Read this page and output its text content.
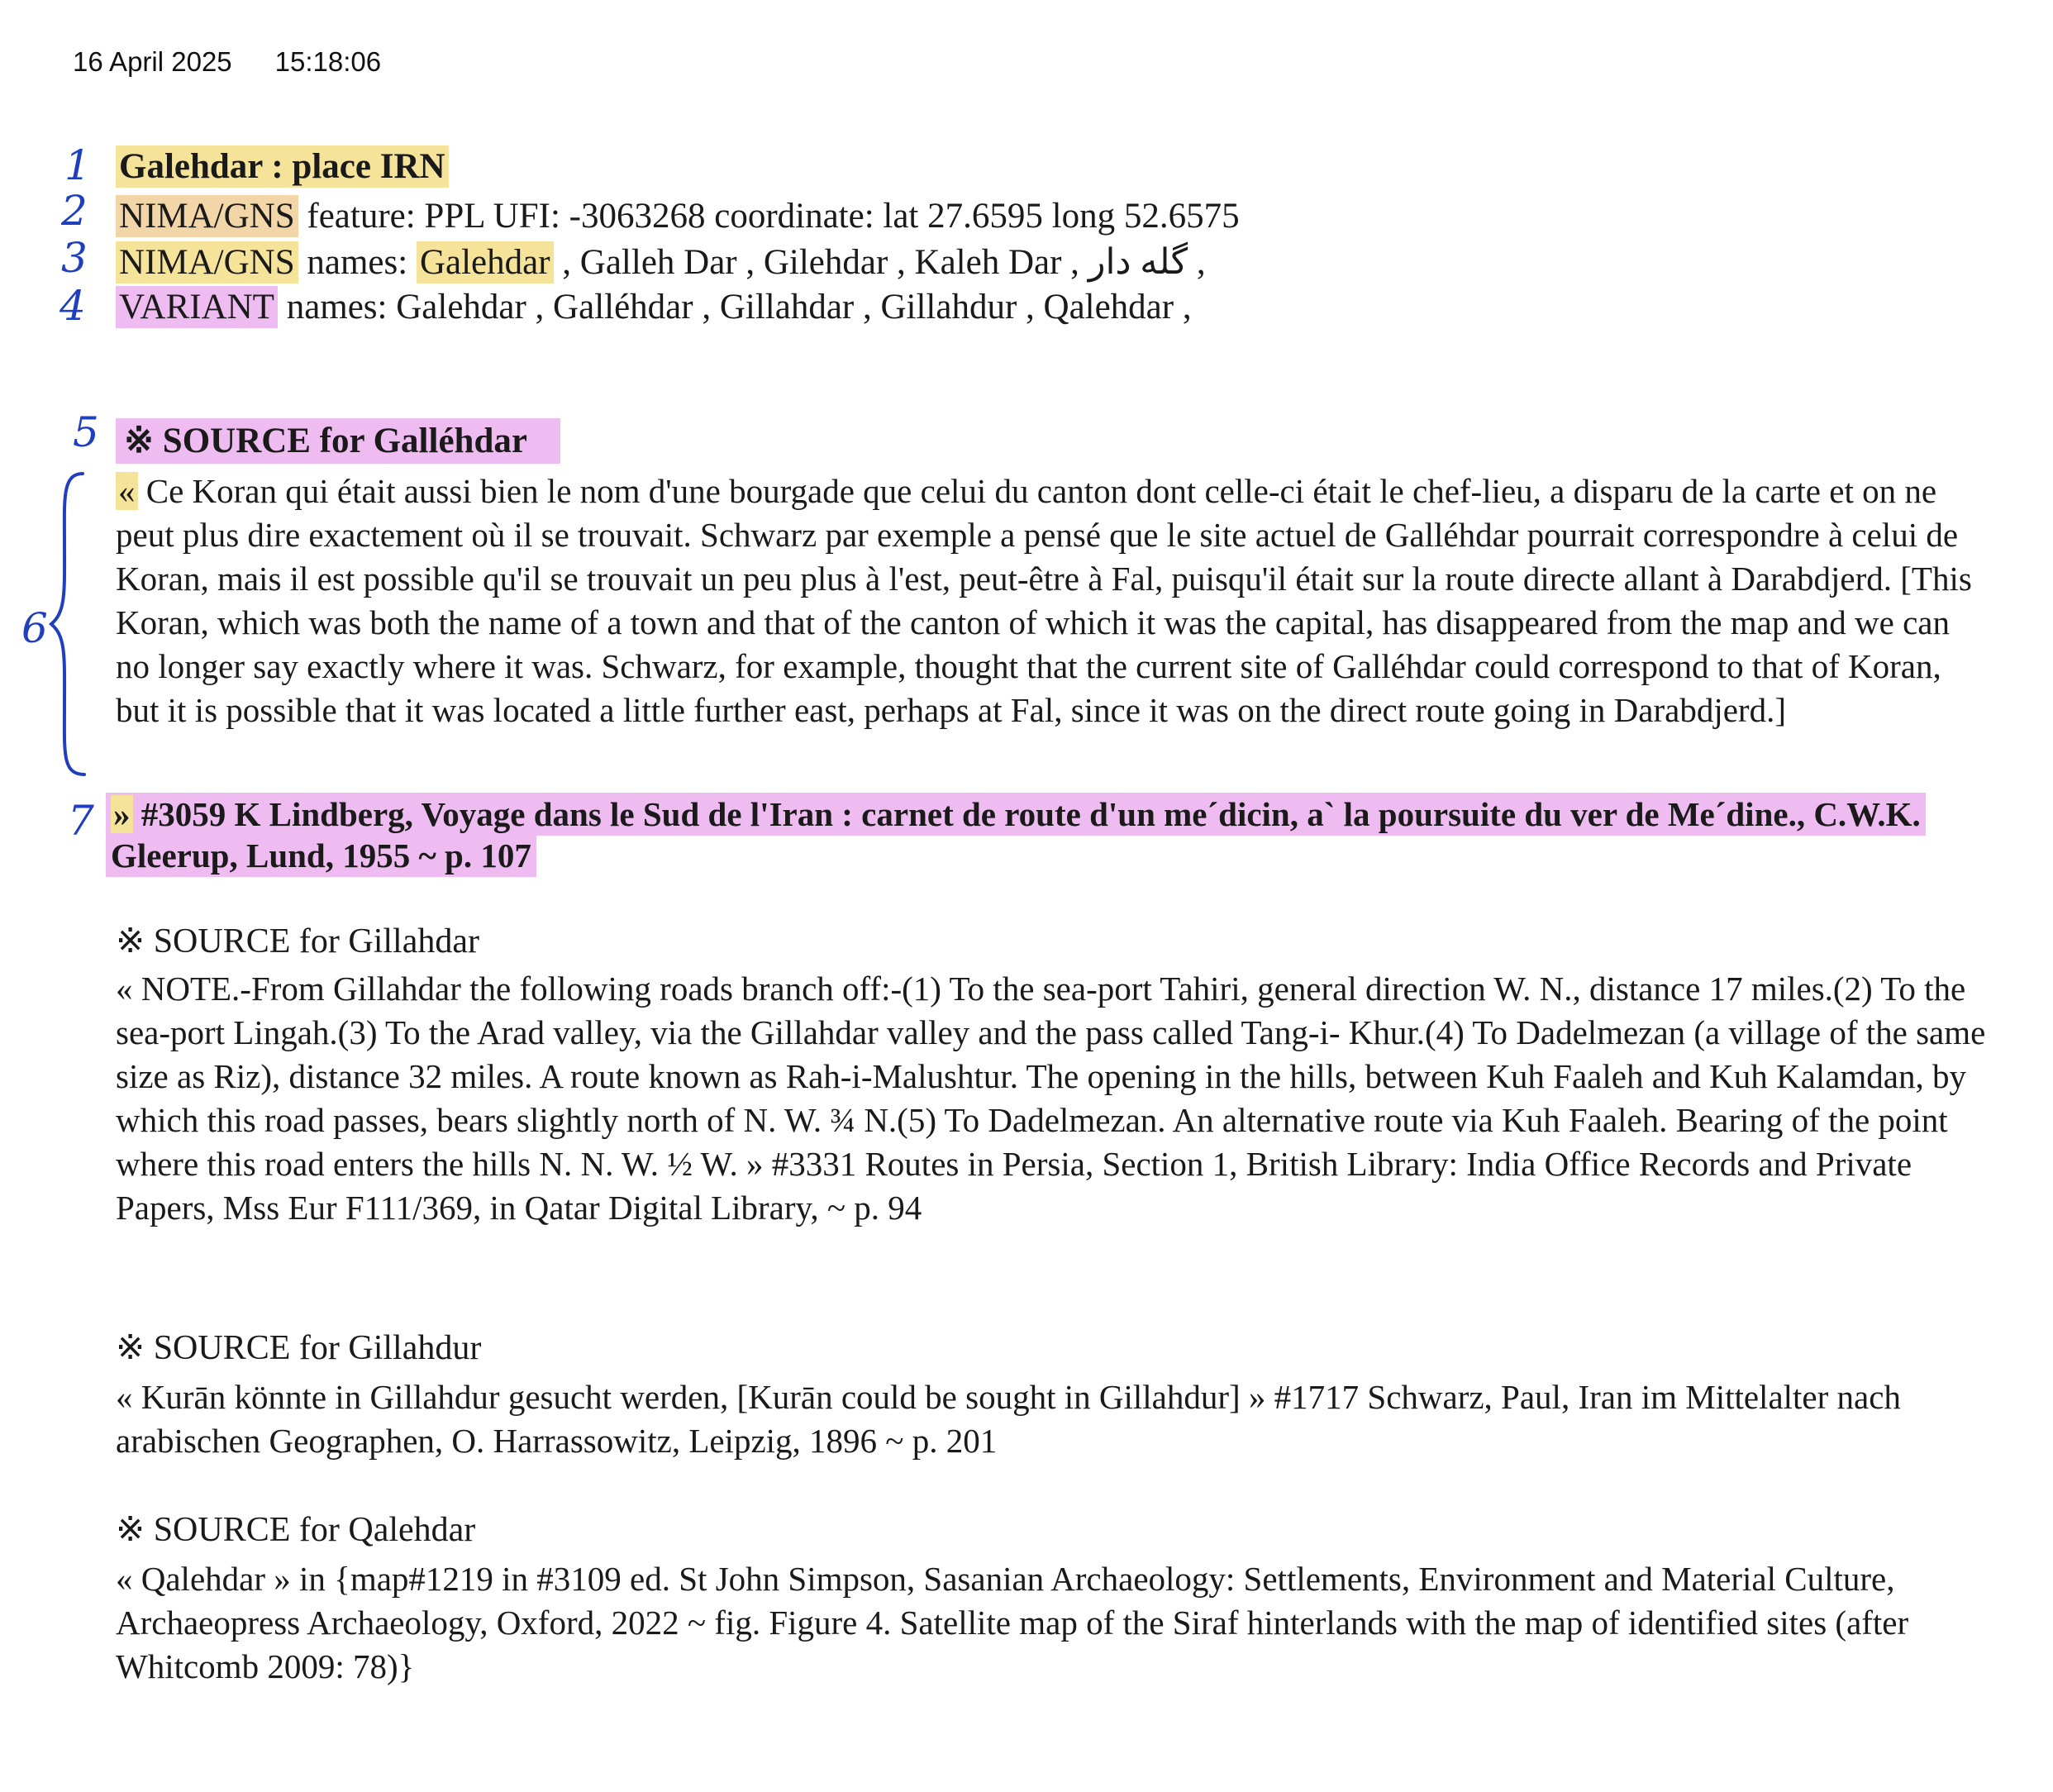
16 April 2025 15:18:06
1
2
3
4
5
6
7
Galehdar : place IRN
NIMA/GNS feature: PPL UFI: -3063268 coordinate: lat 27.6595 long 52.6575
NIMA/GNS names: Galehdar , Galleh Dar , Gilehdar , Kaleh Dar , گله دار ,
VARIANT names: Galehdar , Galléhdar , Gillahdar , Gillahdur , Qalehdar ,
※ SOURCE for Galléhdar

« Ce Koran qui était aussi bien le nom d'une bourgade que celui du canton dont celle-ci était le chef-lieu, a disparu de la carte et on ne peut plus dire exactement où il se trouvait. Schwarz par exemple a pensé que le site actuel de Galléhdar pourrait correspondre à celui de Koran, mais il est possible qu'il se trouvait un peu plus à l'est, peut-être à Fal, puisqu'il était sur la route directe allant à Darabdjerd. [This Koran, which was both the name of a town and that of the canton of which it was the capital, has disappeared from the map and we can no longer say exactly where it was. Schwarz, for example, thought that the current site of Galléhdar could correspond to that of Koran, but it is possible that it was located a little further east, perhaps at Fal, since it was on the direct route going in Darabdjerd.]

» #3059 K Lindberg, Voyage dans le Sud de l'Iran : carnet de route d'un me´dicin, a` la poursuite du ver de Me´dine., C.W.K. Gleerup, Lund, 1955 ~ p. 107
※ SOURCE for Gillahdar

« NOTE.-From Gillahdar the following roads branch off:-(1) To the sea-port Tahiri, general direction W. N., distance 17 miles.(2) To the sea-port Lingah.(3) To the Arad valley, via the Gillahdar valley and the pass called Tang-i- Khur.(4) To Dadelmezan (a village of the same size as Riz), distance 32 miles. A route known as Rah-i-Malushtur. The opening in the hills, between Kuh Faaleh and Kuh Kalamdan, by which this road passes, bears slightly north of N. W. ¾ N.(5) To Dadelmezan. An alternative route via Kuh Faaleh. Bearing of the point where this road enters the hills N. N. W. ½ W. » #3331 Routes in Persia, Section 1, British Library: India Office Records and Private Papers, Mss Eur F111/369, in Qatar Digital Library, ~ p. 94

※ SOURCE for Gillahdur

« Kurān könnte in Gillahdur gesucht werden, [Kurān could be sought in Gillahdur] » #1717 Schwarz, Paul, Iran im Mittelalter nach arabischen Geographen, O. Harrassowitz, Leipzig, 1896 ~ p. 201

※ SOURCE for Qalehdar

« Qalehdar » in {map#1219 in #3109 ed. St John Simpson, Sasanian Archaeology: Settlements, Environment and Material Culture, Archaeopress Archaeology, Oxford, 2022 ~ fig. Figure 4. Satellite map of the Siraf hinterlands with the map of identified sites (after Whitcomb 2009: 78)}
